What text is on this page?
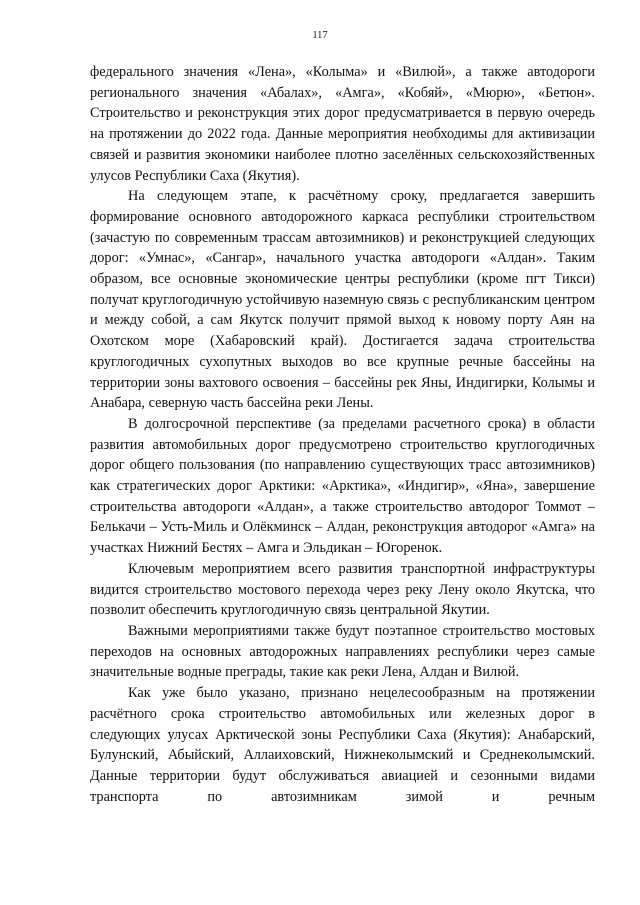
117

федерального значения «Лена», «Колыма» и «Вилюй», а также автодороги регионального значения «Абалах», «Амга», «Кобяй», «Мюрю», «Бетюн». Строительство и реконструкция этих дорог предусматривается в первую очередь на протяжении до 2022 года. Данные мероприятия необходимы для активизации связей и развития экономики наиболее плотно заселённых сельскохозяйственных улусов Республики Саха (Якутия).

На следующем этапе, к расчётному сроку, предлагается завершить формирование основного автодорожного каркаса республики строительством (зачастую по современным трассам автозимников) и реконструкцией следующих дорог: «Умнас», «Сангар», начального участка автодороги «Алдан». Таким образом, все основные экономические центры республики (кроме пгт Тикси) получат круглогодичную устойчивую наземную связь с республиканским центром и между собой, а сам Якутск получит прямой выход к новому порту Аян на Охотском море (Хабаровский край). Достигается задача строительства круглогодичных сухопутных выходов во все крупные речные бассейны на территории зоны вахтового освоения – бассейны рек Яны, Индигирки, Колымы и Анабара, северную часть бассейна реки Лены.

В долгосрочной перспективе (за пределами расчетного срока) в области развития автомобильных дорог предусмотрено строительство круглогодичных дорог общего пользования (по направлению существующих трасс автозимников) как стратегических дорог Арктики: «Арктика», «Индигир», «Яна», завершение строительства автодороги «Алдан», а также строительство автодорог Томмот – Белькачи – Усть-Миль и Олёкминск – Алдан, реконструкция автодорог «Амга» на участках Нижний Бестях – Амга и Эльдикан – Югоренок.

Ключевым мероприятием всего развития транспортной инфраструктуры видится строительство мостового перехода через реку Лену около Якутска, что позволит обеспечить круглогодичную связь центральной Якутии.

Важными мероприятиями также будут поэтапное строительство мостовых переходов на основных автодорожных направлениях республики через самые значительные водные преграды, такие как реки Лена, Алдан и Вилюй.

Как уже было указано, признано нецелесообразным на протяжении расчётного срока строительство автомобильных или железных дорог в следующих улусах Арктической зоны Республики Саха (Якутия): Анабарский, Булунский, Абыйский, Аллаиховский, Нижнеколымский и Среднеколымский. Данные территории будут обслуживаться авиацией и сезонными видами транспорта по автозимникам зимой и речным
